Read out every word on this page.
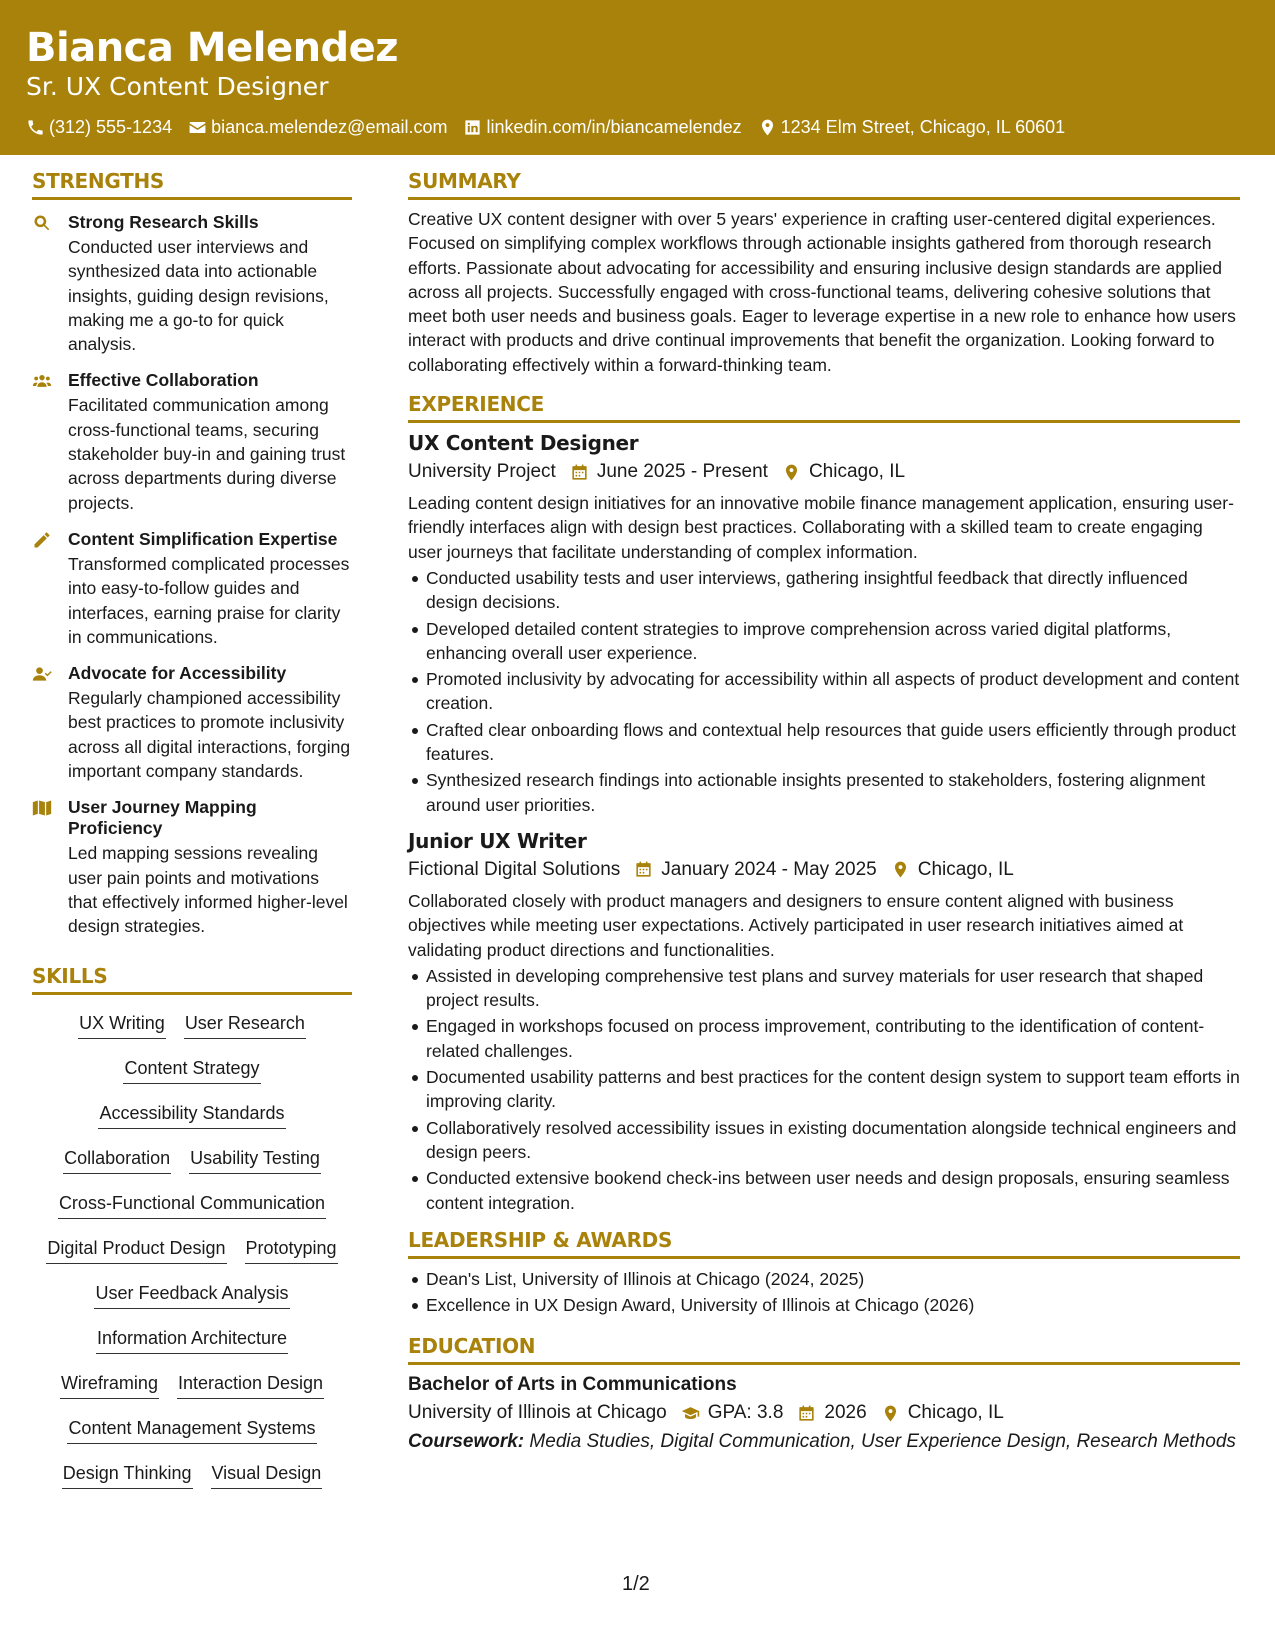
Bianca Melendez
Sr. UX Content Designer
(312) 555-1234 bianca.melendez@email.com linkedin.com/in/biancamelendez 1234 Elm Street, Chicago, IL 60601
STRENGTHS
Strong Research Skills
Conducted user interviews and synthesized data into actionable insights, guiding design revisions, making me a go-to for quick analysis.
Effective Collaboration
Facilitated communication among cross-functional teams, securing stakeholder buy-in and gaining trust across departments during diverse projects.
Content Simplification Expertise
Transformed complicated processes into easy-to-follow guides and interfaces, earning praise for clarity in communications.
Advocate for Accessibility
Regularly championed accessibility best practices to promote inclusivity across all digital interactions, forging important company standards.
User Journey Mapping Proficiency
Led mapping sessions revealing user pain points and motivations that effectively informed higher-level design strategies.
SKILLS
UX Writing User Research
Content Strategy
Accessibility Standards
Collaboration Usability Testing
Cross-Functional Communication
Digital Product Design Prototyping
User Feedback Analysis
Information Architecture
Wireframing Interaction Design
Content Management Systems
Design Thinking Visual Design
SUMMARY
Creative UX content designer with over 5 years' experience in crafting user-centered digital experiences. Focused on simplifying complex workflows through actionable insights gathered from thorough research efforts. Passionate about advocating for accessibility and ensuring inclusive design standards are applied across all projects. Successfully engaged with cross-functional teams, delivering cohesive solutions that meet both user needs and business goals. Eager to leverage expertise in a new role to enhance how users interact with products and drive continual improvements that benefit the organization. Looking forward to collaborating effectively within a forward-thinking team.
EXPERIENCE
UX Content Designer
University Project June 2025 - Present Chicago, IL
Leading content design initiatives for an innovative mobile finance management application, ensuring user-friendly interfaces align with design best practices. Collaborating with a skilled team to create engaging user journeys that facilitate understanding of complex information.
Conducted usability tests and user interviews, gathering insightful feedback that directly influenced design decisions.
Developed detailed content strategies to improve comprehension across varied digital platforms, enhancing overall user experience.
Promoted inclusivity by advocating for accessibility within all aspects of product development and content creation.
Crafted clear onboarding flows and contextual help resources that guide users efficiently through product features.
Synthesized research findings into actionable insights presented to stakeholders, fostering alignment around user priorities.
Junior UX Writer
Fictional Digital Solutions January 2024 - May 2025 Chicago, IL
Collaborated closely with product managers and designers to ensure content aligned with business objectives while meeting user expectations. Actively participated in user research initiatives aimed at validating product directions and functionalities.
Assisted in developing comprehensive test plans and survey materials for user research that shaped project results.
Engaged in workshops focused on process improvement, contributing to the identification of content-related challenges.
Documented usability patterns and best practices for the content design system to support team efforts in improving clarity.
Collaboratively resolved accessibility issues in existing documentation alongside technical engineers and design peers.
Conducted extensive bookend check-ins between user needs and design proposals, ensuring seamless content integration.
LEADERSHIP & AWARDS
Dean's List, University of Illinois at Chicago (2024, 2025)
Excellence in UX Design Award, University of Illinois at Chicago (2026)
EDUCATION
Bachelor of Arts in Communications
University of Illinois at Chicago GPA: 3.8 2026 Chicago, IL
Coursework: Media Studies, Digital Communication, User Experience Design, Research Methods
1/2
